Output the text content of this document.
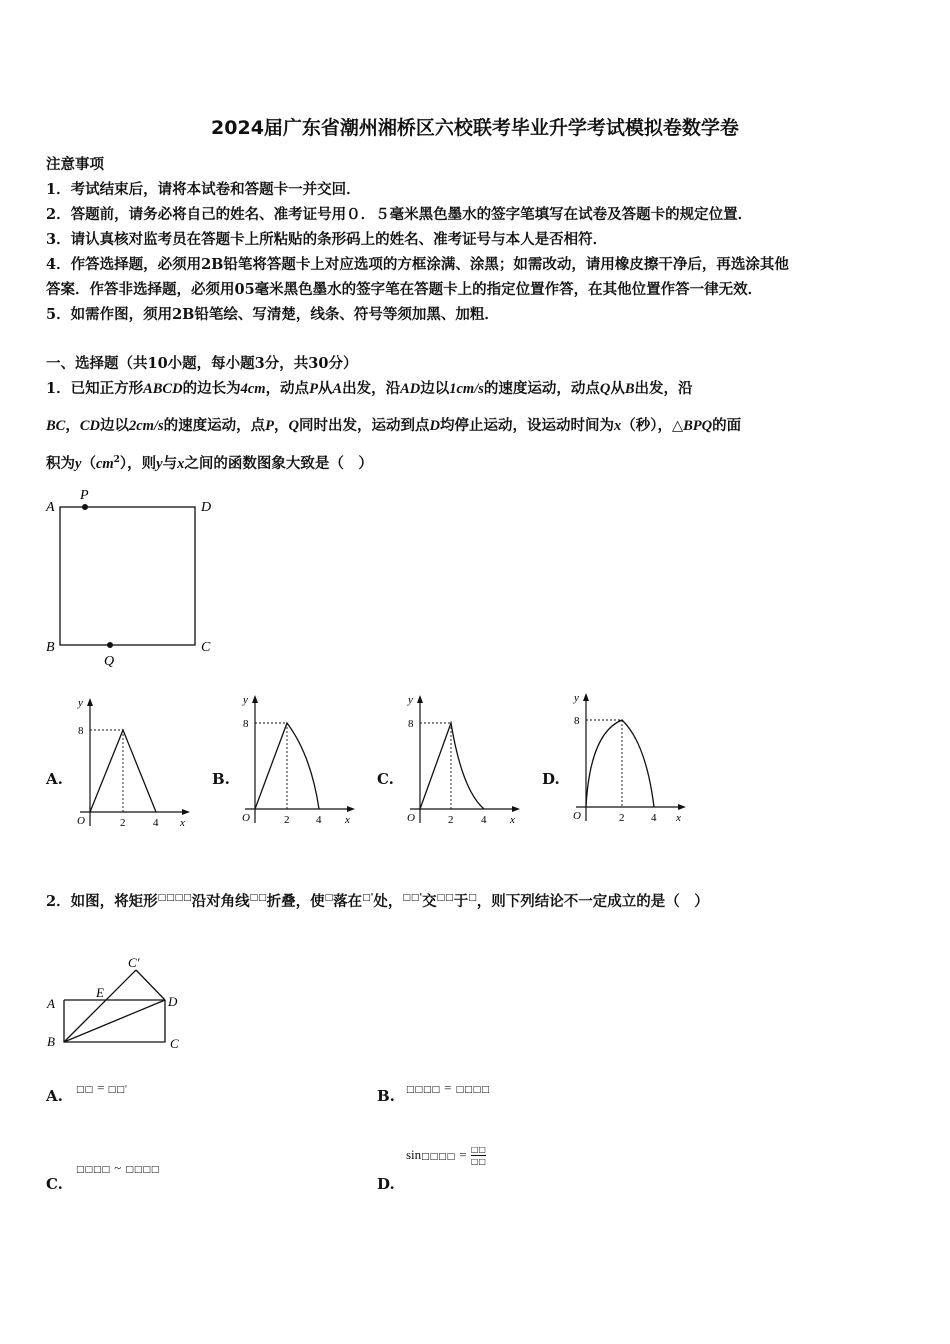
2024届广东省潮州湘桥区六校联考毕业升学考试模拟卷数学卷
注意事项
1．考试结束后，请将本试卷和答题卡一并交回．
2．答题前，请务必将自己的姓名、准考证号用０．５毫米黑色墨水的签字笔填写在试卷及答题卡的规定位置．
3．请认真核对监考员在答题卡上所粘贴的条形码上的姓名、准考证号与本人是否相符．
4．作答选择题，必须用2B铅笔将答题卡上对应选项的方框涂满、涂黑；如需改动，请用橡皮擦干净后，再选涂其他
答案．作答非选择题，必须用05毫米黑色墨水的签字笔在答题卡上的指定位置作答，在其他位置作答一律无效．
5．如需作图，须用2B铅笔绘、写清楚，线条、符号等须加黑、加粗．
一、选择题（共10小题，每小题3分，共30分）
1．已知正方形ABCD的边长为4cm，动点P从A出发，沿AD边以1cm/s的速度运动，动点Q从B出发，沿
BC，CD边以2cm/s的速度运动，点P，Q同时出发，运动到点D均停止运动，设运动时间为x（秒），△BPQ的面
积为$y(cm^2)$，则y与x之间的函数图象大致是（　）
A
P
D
B
Q
C
A.	B.	C.	D.
y
x
O
8
2	4
y
x
O
8
2 4
y
x
O
8
2	4
y
x
O
8
2 4
2．如图，将矩形□□□□沿对角线□□折叠，使□落在□'处，□□'交□□于□，则下列结论不一定成立的是（　）
C'
A
E
D
B	C
A. □□ = □□'	B. □□□□ = □□□□
C.
□□□□ ~ □□□□
D.
sin□□□□ = $\frac{□□}{□□}$
